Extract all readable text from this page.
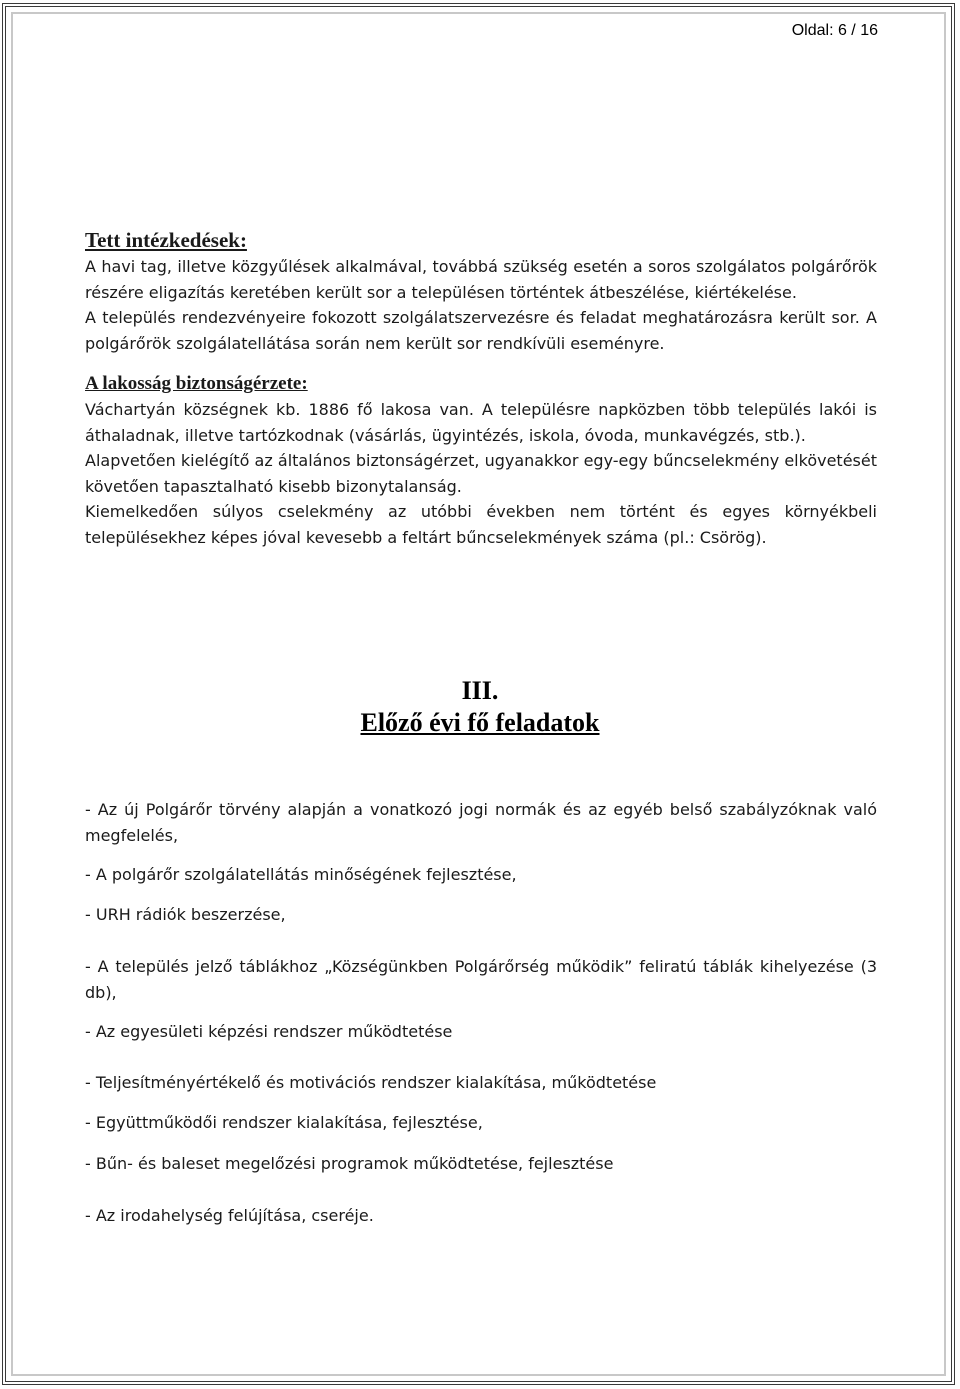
Oldal: 6 / 16
Tett intézkedések:

A havi tag, illetve közgyűlések alkalmával, továbbá szükség esetén a soros szolgálatos polgárőrök részére eligazítás keretében került sor a településen történtek átbeszélése, kiértékelése.

A település rendezvényeire fokozott szolgálatszervezésre és feladat meghatározásra került sor. A polgárőrök szolgálatellátása során nem került sor rendkívüli eseményre.

A lakosság biztonságérzete:

Váchartyán községnek kb. 1886 fő lakosa van. A településre napközben több település lakói is áthaladnak, illetve tartózkodnak (vásárlás, ügyintézés, iskola, óvoda, munkavégzés, stb.).

Alapvetően kielégítő az általános biztonságérzet, ugyanakkor egy-egy bűncselekmény elkövetését követően tapasztalható kisebb bizonytalanság.

Kiemelkedően súlyos cselekmény az utóbbi években nem történt és egyes környékbeli településekhez képes jóval kevesebb a feltárt bűncselekmények száma (pl.: Csörög).

III.
Előző évi fő feladatok

- Az új Polgárőr törvény alapján a vonatkozó jogi normák és az egyéb belső szabályzóknak való megfelelés,

- A polgárőr szolgálatellátás minőségének fejlesztése,

- URH rádiók beszerzése,

- A település jelző táblákhoz „Községünkben Polgárőrség működik” feliratú táblák kihelyezése (3 db),

- Az egyesületi képzési rendszer működtetése

- Teljesítményértékelő és motivációs rendszer kialakítása, működtetése

- Együttműködői rendszer kialakítása, fejlesztése,

- Bűn- és baleset megelőzési programok működtetése, fejlesztése

- Az irodahelység felújítása, cseréje.
